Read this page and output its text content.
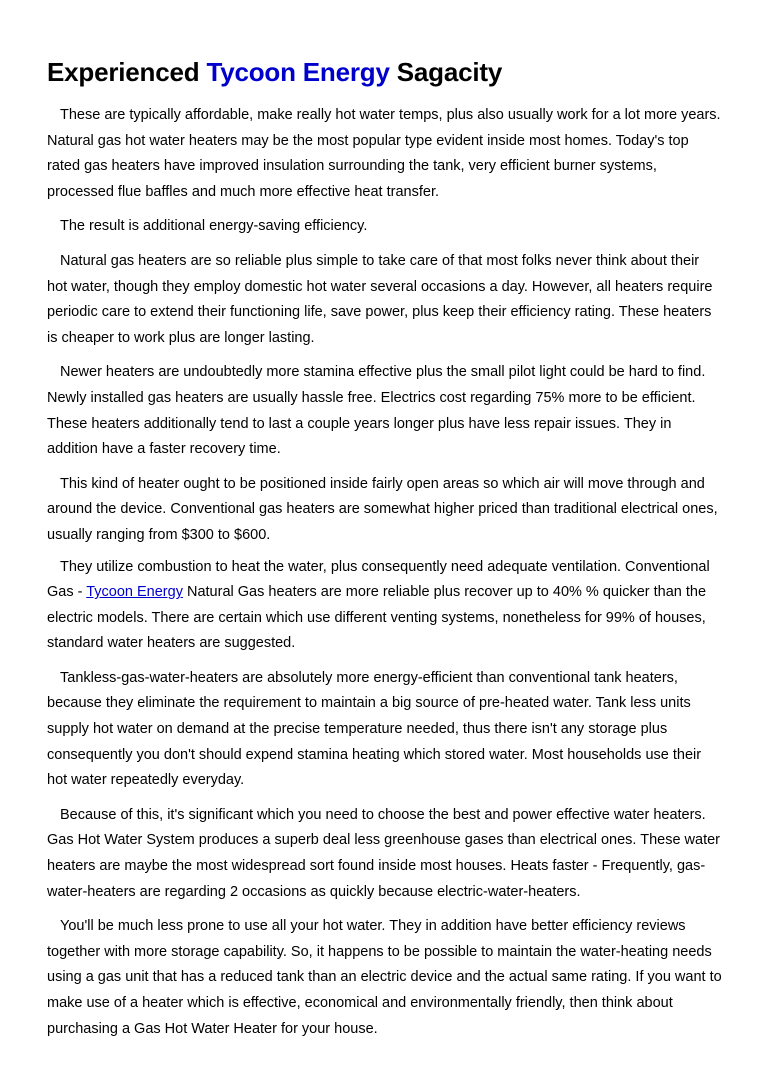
Experienced Tycoon Energy Sagacity

These are typically affordable, make really hot water temps, plus also usually work for a lot more years. Natural gas hot water heaters may be the most popular type evident inside most homes. Today's top rated gas heaters have improved insulation surrounding the tank, very efficient burner systems, processed flue baffles and much more effective heat transfer.

The result is additional energy-saving efficiency.

Natural gas heaters are so reliable plus simple to take care of that most folks never think about their hot water, though they employ domestic hot water several occasions a day. However, all heaters require periodic care to extend their functioning life, save power, plus keep their efficiency rating. These heaters is cheaper to work plus are longer lasting.

Newer heaters are undoubtedly more stamina effective plus the small pilot light could be hard to find. Newly installed gas heaters are usually hassle free. Electrics cost regarding 75% more to be efficient. These heaters additionally tend to last a couple years longer plus have less repair issues. They in addition have a faster recovery time.

This kind of heater ought to be positioned inside fairly open areas so which air will move through and around the device. Conventional gas heaters are somewhat higher priced than traditional electrical ones, usually ranging from $300 to $600.

They utilize combustion to heat the water, plus consequently need adequate ventilation. Conventional Gas - Tycoon Energy Natural Gas heaters are more reliable plus recover up to 40% % quicker than the electric models. There are certain which use different venting systems, nonetheless for 99% of houses, standard water heaters are suggested.

Tankless-gas-water-heaters are absolutely more energy-efficient than conventional tank heaters, because they eliminate the requirement to maintain a big source of pre-heated water. Tank less units supply hot water on demand at the precise temperature needed, thus there isn't any storage plus consequently you don't should expend stamina heating which stored water. Most households use their hot water repeatedly everyday.

Because of this, it's significant which you need to choose the best and power effective water heaters. Gas Hot Water System produces a superb deal less greenhouse gases than electrical ones. These water heaters are maybe the most widespread sort found inside most houses. Heats faster - Frequently, gas-water-heaters are regarding 2 occasions as quickly because electric-water-heaters.

You'll be much less prone to use all your hot water. They in addition have better efficiency reviews together with more storage capability. So, it happens to be possible to maintain the water-heating needs using a gas unit that has a reduced tank than an electric device and the actual same rating. If you want to make use of a heater which is effective, economical and environmentally friendly, then think about purchasing a Gas Hot Water Heater for your house.
